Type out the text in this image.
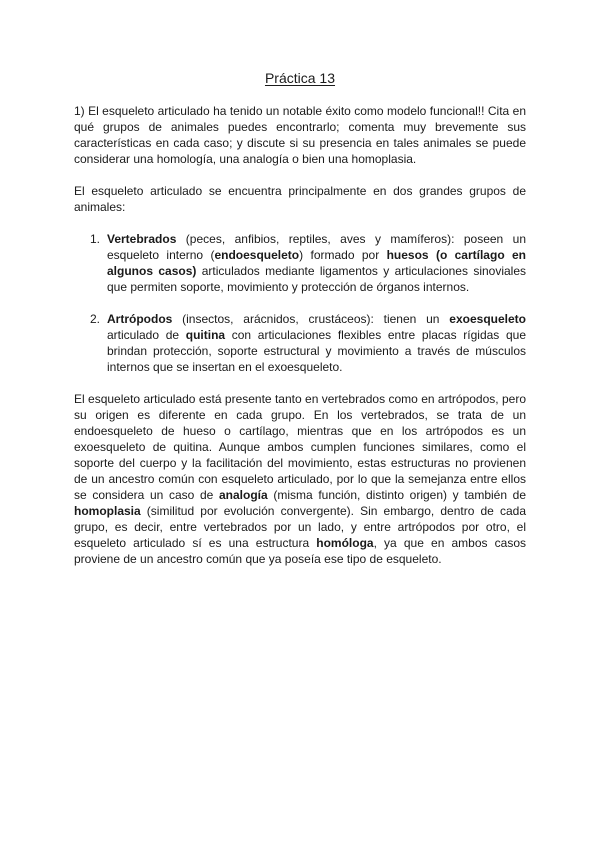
Práctica 13

1) El esqueleto articulado ha tenido un notable éxito como modelo funcional!! Cita en qué grupos de animales puedes encontrarlo; comenta muy brevemente sus características en cada caso; y discute si su presencia en tales animales se puede considerar una homología, una analogía o bien una homoplasia.

El esqueleto articulado se encuentra principalmente en dos grandes grupos de animales:

1. Vertebrados (peces, anfibios, reptiles, aves y mamíferos): poseen un esqueleto interno (endoesqueleto) formado por huesos (o cartílago en algunos casos) articulados mediante ligamentos y articulaciones sinoviales que permiten soporte, movimiento y protección de órganos internos.
2. Artrópodos (insectos, arácnidos, crustáceos): tienen un exoesqueleto articulado de quitina con articulaciones flexibles entre placas rígidas que brindan protección, soporte estructural y movimiento a través de músculos internos que se insertan en el exoesqueleto.

El esqueleto articulado está presente tanto en vertebrados como en artrópodos, pero su origen es diferente en cada grupo. En los vertebrados, se trata de un endoesqueleto de hueso o cartílago, mientras que en los artrópodos es un exoesqueleto de quitina. Aunque ambos cumplen funciones similares, como el soporte del cuerpo y la facilitación del movimiento, estas estructuras no provienen de un ancestro común con esqueleto articulado, por lo que la semejanza entre ellos se considera un caso de analogía (misma función, distinto origen) y también de homoplasia (similitud por evolución convergente). Sin embargo, dentro de cada grupo, es decir, entre vertebrados por un lado, y entre artrópodos por otro, el esqueleto articulado sí es una estructura homóloga, ya que en ambos casos proviene de un ancestro común que ya poseía ese tipo de esqueleto.
